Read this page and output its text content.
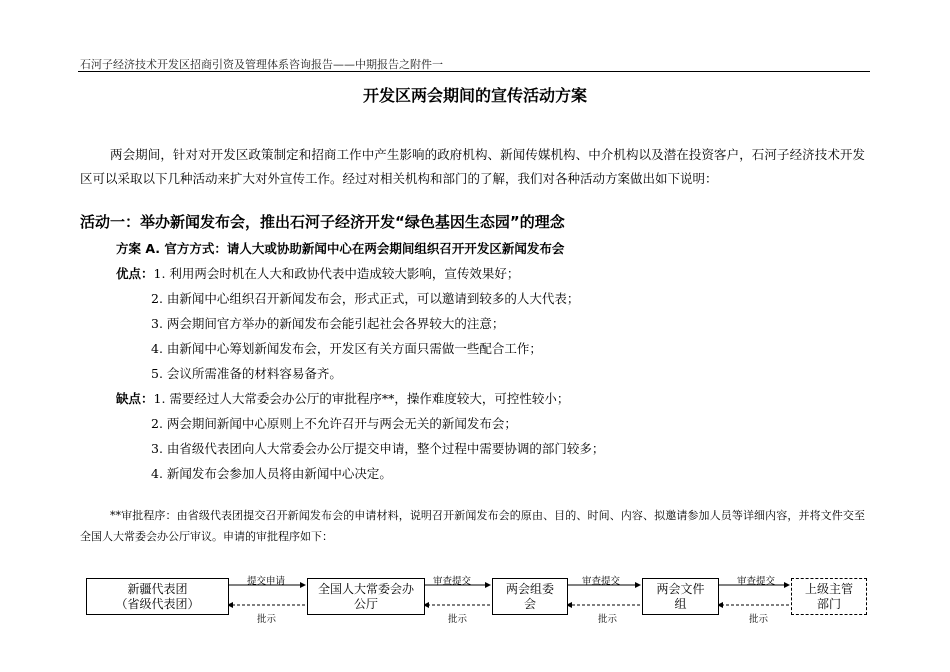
石河子经济技术开发区招商引资及管理体系咨询报告——中期报告之附件一
开发区两会期间的宣传活动方案
两会期间，针对对开发区政策制定和招商工作中产生影响的政府机构、新闻传媒机构、中介机构以及潜在投资客户，石河子经济技术开发区可以采取以下几种活动来扩大对外宣传工作。经过对相关机构和部门的了解，我们对各种活动方案做出如下说明：
活动一：举办新闻发布会，推出石河子经济开发“绿色基因生态园”的理念
方案 A. 官方方式：请人大或协助新闻中心在两会期间组织召开开发区新闻发布会
优点：1. 利用两会时机在人大和政协代表中造成较大影响，宣传效果好；
2. 由新闻中心组织召开新闻发布会，形式正式，可以邀请到较多的人大代表；
3. 两会期间官方举办的新闻发布会能引起社会各界较大的注意；
4. 由新闻中心筹划新闻发布会，开发区有关方面只需做一些配合工作；
5. 会议所需准备的材料容易备齐。
缺点：1. 需要经过人大常委会办公厅的审批程序**，操作难度较大，可控性较小；
2. 两会期间新闻中心原则上不允许召开与两会无关的新闻发布会；
3. 由省级代表团向人大常委会办公厅提交申请，整个过程中需要协调的部门较多；
4. 新闻发布会参加人员将由新闻中心决定。
**审批程序：由省级代表团提交召开新闻发布会的申请材料，说明召开新闻发布会的原由、目的、时间、内容、拟邀请参加人员等详细内容，并将文件交至全国人大常委会办公厅审议。申请的审批程序如下：
新疆代表团
（省级代表团）
全国人大常委会办
公厅
两会组委
会
两会文件
组
上级主管
部门
提交申请	审查提交	审查提交	审查提交
批示	批示	批示	批示
